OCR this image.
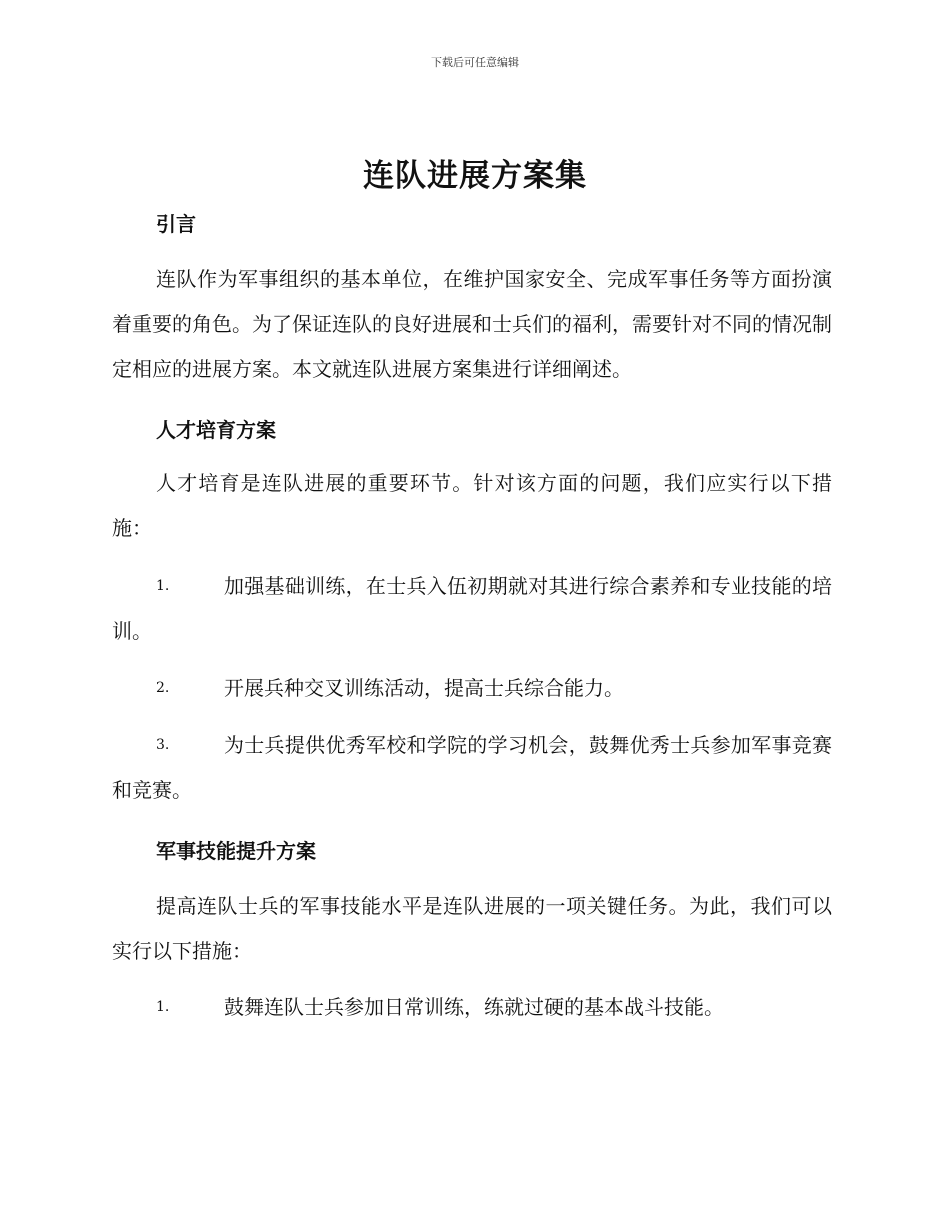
下载后可任意编辑
连队进展方案集
引言

连队作为军事组织的基本单位，在维护国家安全、完成军事任务等方面扮演着重要的角色。为了保证连队的良好进展和士兵们的福利，需要针对不同的情况制定相应的进展方案。本文就连队进展方案集进行详细阐述。

人才培育方案

人才培育是连队进展的重要环节。针对该方面的问题，我们应实行以下措施：

1.	加强基础训练，在士兵入伍初期就对其进行综合素养和专业技能的培训。
2.	开展兵种交叉训练活动，提高士兵综合能力。
3.	为士兵提供优秀军校和学院的学习机会，鼓舞优秀士兵参加军事竞赛和竞赛。
军事技能提升方案

提高连队士兵的军事技能水平是连队进展的一项关键任务。为此，我们可以实行以下措施：

1.	鼓舞连队士兵参加日常训练，练就过硬的基本战斗技能。
